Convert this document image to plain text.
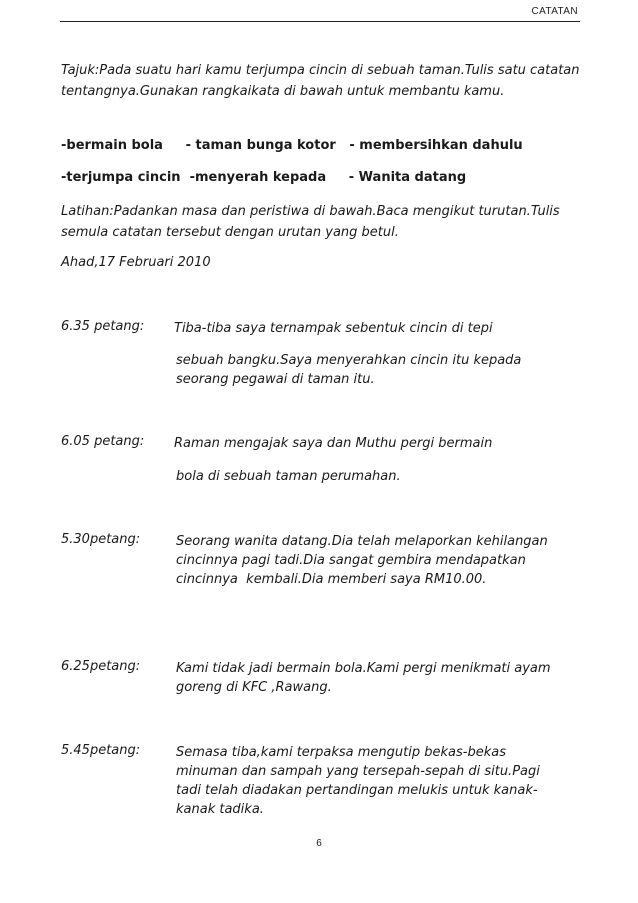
CATATAN

Tajuk:Pada suatu hari kamu terjumpa cincin di sebuah taman.Tulis satu catatan tentangnya.Gunakan rangkaikata di bawah untuk membantu kamu.

-bermain bola     - taman bunga kotor   - membersihkan dahulu

-terjumpa cincin  -menyerah kepada     - Wanita datang

Latihan:Padankan masa dan peristiwa di bawah.Baca mengikut turutan.Tulis semula catatan tersebut dengan urutan yang betul.

Ahad,17 Februari 2010

6.35 petang: Tiba-tiba saya ternampak sebentuk cincin di tepi

sebuah bangku.Saya menyerahkan cincin itu kepada seorang pegawai di taman itu.

6.05 petang: Raman mengajak saya dan Muthu pergi bermain

bola di sebuah taman perumahan.

5.30petang:	Seorang wanita datang.Dia telah melaporkan kehilangan       cincinnya pagi tadi.Dia sangat gembira mendapatkan cincinnya  kembali.Dia memberi saya RM10.00.

6.25petang:	Kami tidak jadi bermain bola.Kami pergi menikmati ayam goreng di KFC ,Rawang.

5.45petang:	Semasa tiba,kami terpaksa mengutip bekas-bekas minuman dan sampah yang tersepah-sepah di situ.Pagi tadi telah diadakan pertandingan melukis untuk kanak-kanak tadika.

6
